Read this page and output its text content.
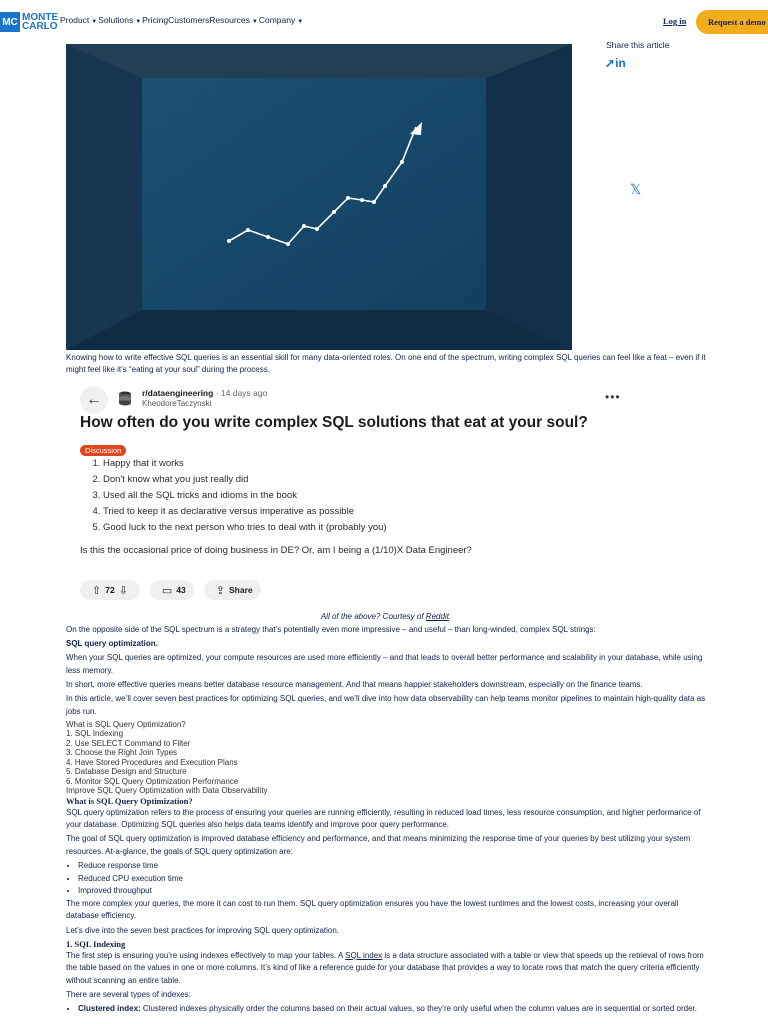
MC MONTE
CARLO
Product ▼ Solutions ▼ Pricing Customers Resources ▼ Company ▼	Log in	Request a demo
Share this article
➚in
𝕏
Knowing how to write effective SQL queries is an essential skill for many data-oriented roles. On one end of the spectrum, writing complex SQL queries can feel like a feat – even if it might feel like it’s “eating at your soul” during the process.
←	r/dataengineering · 14 days ago
KheodoreTaczynski	•••
How often do you write complex SQL solutions that eat at your soul?
Discussion
1. Happy that it works
2. Don't know what you just really did
3. Used all the SQL tricks and idioms in the book
4. Tried to keep it as declarative versus imperative as possible
5. Good luck to the next person who tries to deal with it (probably you)
Is this the occasional price of doing business in DE? Or, am I being a (1/10)X Data Engineer?
⇧ 72 ⇩	▭ 43	⇪ Share
All of the above? Courtesy of Reddit.

On the opposite side of the SQL spectrum is a strategy that’s potentially even more impressive – and useful – than long-winded, complex SQL strings:

SQL query optimization.

When your SQL queries are optimized, your compute resources are used more efficiently – and that leads to overall better performance and scalability in your database, while using less memory.

In short, more effective queries means better database resource management. And that means happier stakeholders downstream, especially on the finance teams.

In this article, we’ll cover seven best practices for optimizing SQL queries, and we’ll dive into how data observability can help teams monitor pipelines to maintain high-quality data as jobs run.

What is SQL Query Optimization?
1. SQL Indexing
2. Use SELECT Command to Filter
3. Choose the Right Join Types
4. Have Stored Procedures and Execution Plans
5. Database Design and Structure
6. Monitor SQL Query Optimization Performance
Improve SQL Query Optimization with Data Observability
What is SQL Query Optimization?

SQL query optimization refers to the process of ensuring your queries are running efficiently, resulting in reduced load times, less resource consumption, and higher performance of your database. Optimizing SQL queries also helps data teams identify and improve poor query performance.

The goal of SQL query optimization is improved database efficiency and performance, and that means minimizing the response time of your queries by best utilizing your system resources. At-a-glance, the goals of SQL query optimization are:

• Reduce response time
• Reduced CPU execution time
• Improved throughput

The more complex your queries, the more it can cost to run them. SQL query optimization ensures you have the lowest runtimes and the lowest costs, increasing your overall database efficiency.

Let’s dive into the seven best practices for improving SQL query optimization.

1. SQL Indexing

The first step is ensuring you’re using indexes effectively to map your tables. A SQL index is a data structure associated with a table or view that speeds up the retrieval of rows from the table based on the values in one or more columns. It’s kind of like a reference guide for your database that provides a way to locate rows that match the query criteria efficiently without scanning an entire table.

There are several types of indexes:

• Clustered index: Clustered indexes physically order the columns based on their actual values, so they’re only useful when the column values are in sequential or sorted order.
